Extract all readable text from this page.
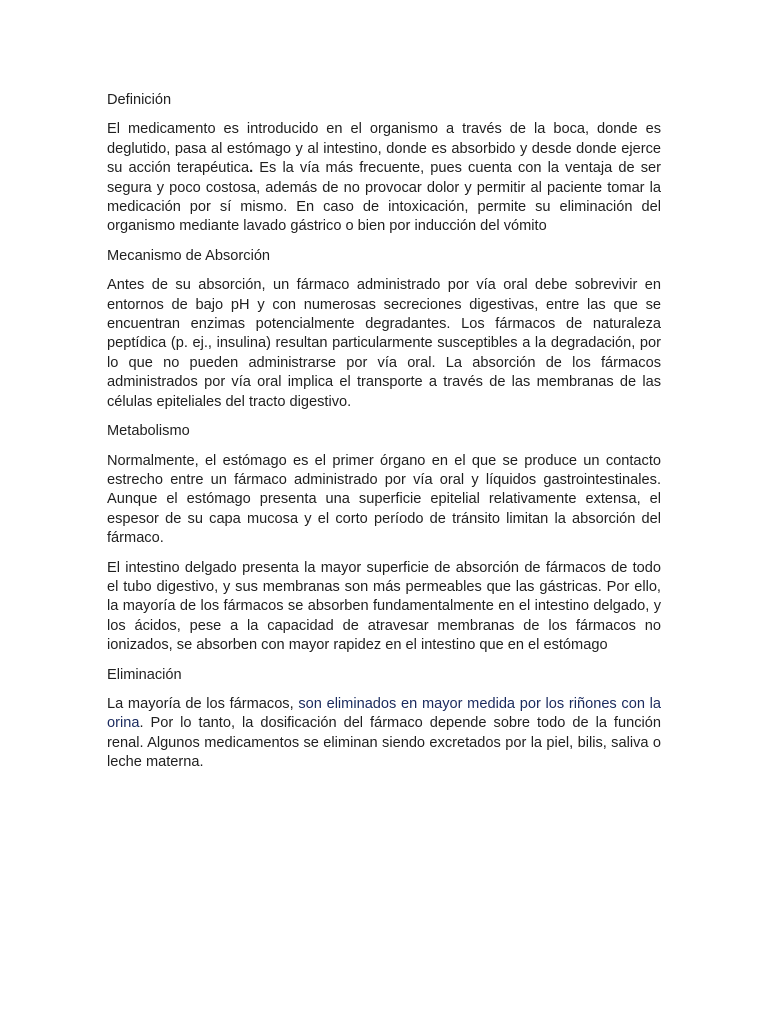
Definición

El medicamento es introducido en el organismo a través de la boca, donde es deglutido, pasa al estómago y al intestino, donde es absorbido y desde donde ejerce su acción terapéutica. Es la vía más frecuente, pues cuenta con la ventaja de ser segura y poco costosa, además de no provocar dolor y permitir al paciente tomar la medicación por sí mismo. En caso de intoxicación, permite su eliminación del organismo mediante lavado gástrico o bien por inducción del vómito

Mecanismo de Absorción

Antes de su absorción, un fármaco administrado por vía oral debe sobrevivir en entornos de bajo pH y con numerosas secreciones digestivas, entre las que se encuentran enzimas potencialmente degradantes. Los fármacos de naturaleza peptídica (p. ej., insulina) resultan particularmente susceptibles a la degradación, por lo que no pueden administrarse por vía oral. La absorción de los fármacos administrados por vía oral implica el transporte a través de las membranas de las células epiteliales del tracto digestivo.

Metabolismo

Normalmente, el estómago es el primer órgano en el que se produce un contacto estrecho entre un fármaco administrado por vía oral y líquidos gastrointestinales. Aunque el estómago presenta una superficie epitelial relativamente extensa, el espesor de su capa mucosa y el corto período de tránsito limitan la absorción del fármaco.

El intestino delgado presenta la mayor superficie de absorción de fármacos de todo el tubo digestivo, y sus membranas son más permeables que las gástricas. Por ello, la mayoría de los fármacos se absorben fundamentalmente en el intestino delgado, y los ácidos, pese a la capacidad de atravesar membranas de los fármacos no ionizados, se absorben con mayor rapidez en el intestino que en el estómago

Eliminación

La mayoría de los fármacos, son eliminados en mayor medida por los riñones con la orina. Por lo tanto, la dosificación del fármaco depende sobre todo de la función renal. Algunos medicamentos se eliminan siendo excretados por la piel, bilis, saliva o leche materna.
